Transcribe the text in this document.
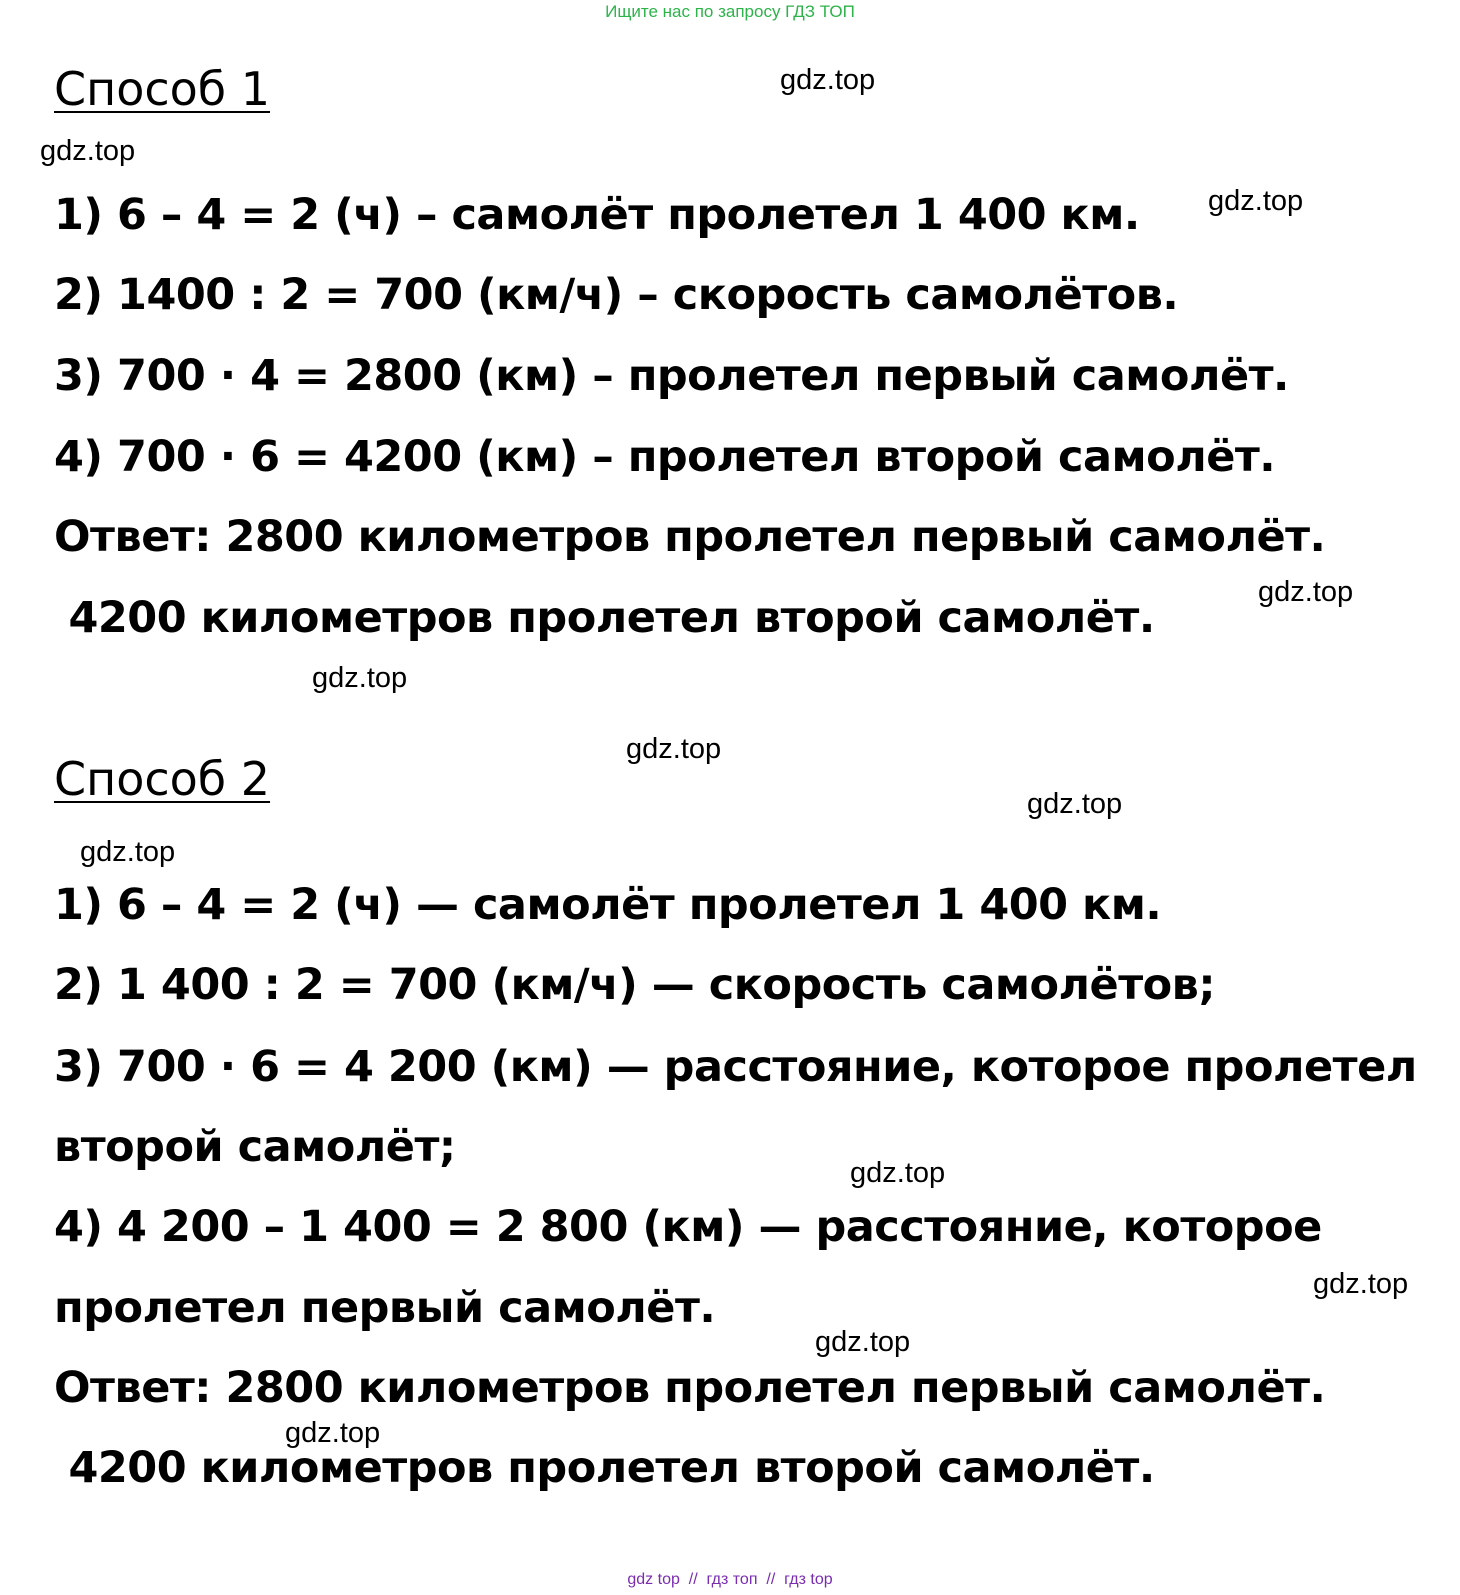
Ищите нас по запросу ГДЗ ТОП
Способ 1
1) 6 – 4 = 2 (ч) – самолёт пролетел 1 400 км.
2) 1400 : 2 = 700 (км/ч) – скорость самолётов.
3) 700 · 4 = 2800 (км) – пролетел первый самолёт.
4) 700 · 6 = 4200 (км) – пролетел второй самолёт.
Ответ: 2800 километров пролетел первый самолёт.
4200 километров пролетел второй самолёт.
Способ 2
1) 6 – 4 = 2 (ч) — самолёт пролетел 1 400 км.
2) 1 400 : 2 = 700 (км/ч) — скорость самолётов;
3) 700 · 6 = 4 200 (км) — расстояние, которое пролетел
второй самолёт;
4) 4 200 – 1 400 = 2 800 (км) — расстояние, которое
пролетел первый самолёт.
Ответ: 2800 километров пролетел первый самолёт.
4200 километров пролетел второй самолёт.
gdz.top
gdz.top
gdz.top
gdz.top
gdz.top
gdz.top
gdz.top
gdz.top
gdz.top
gdz.top
gdz.top
gdz.top
gdz top  //  гдз топ  //  гдз top
